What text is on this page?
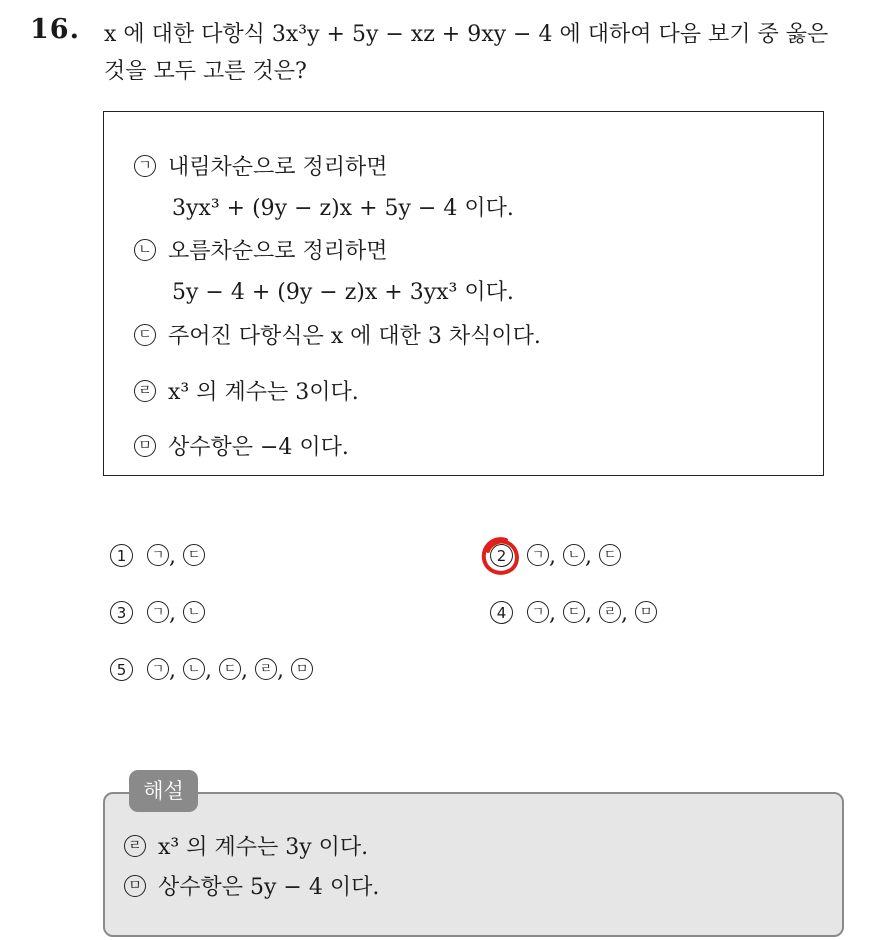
16. x 에 대한 다항식 3x³y + 5y − xz + 9xy − 4 에 대하여 다음 보기 중 옳은
것을 모두 고른 것은?
ㄱ 내림차순으로 정리하면
3yx³ + (9y − z)x + 5y − 4 이다.
ㄴ 오름차순으로 정리하면
5y − 4 + (9y − z)x + 3yx³ 이다.
ㄷ 주어진 다항식은 x 에 대한 3 차식이다.
ㄹ x³ 의 계수는 3이다.
ㅁ 상수항은 −4 이다.
1 ㄱ , ㄷ	2 ㄱ , ㄴ , ㄷ
3 ㄱ , ㄴ	4 ㄱ , ㄷ , ㄹ , ㅁ
5 ㄱ , ㄴ , ㄷ , ㄹ , ㅁ
해설
ㄹ x³ 의 계수는 3y 이다.
ㅁ 상수항은 5y − 4 이다.
